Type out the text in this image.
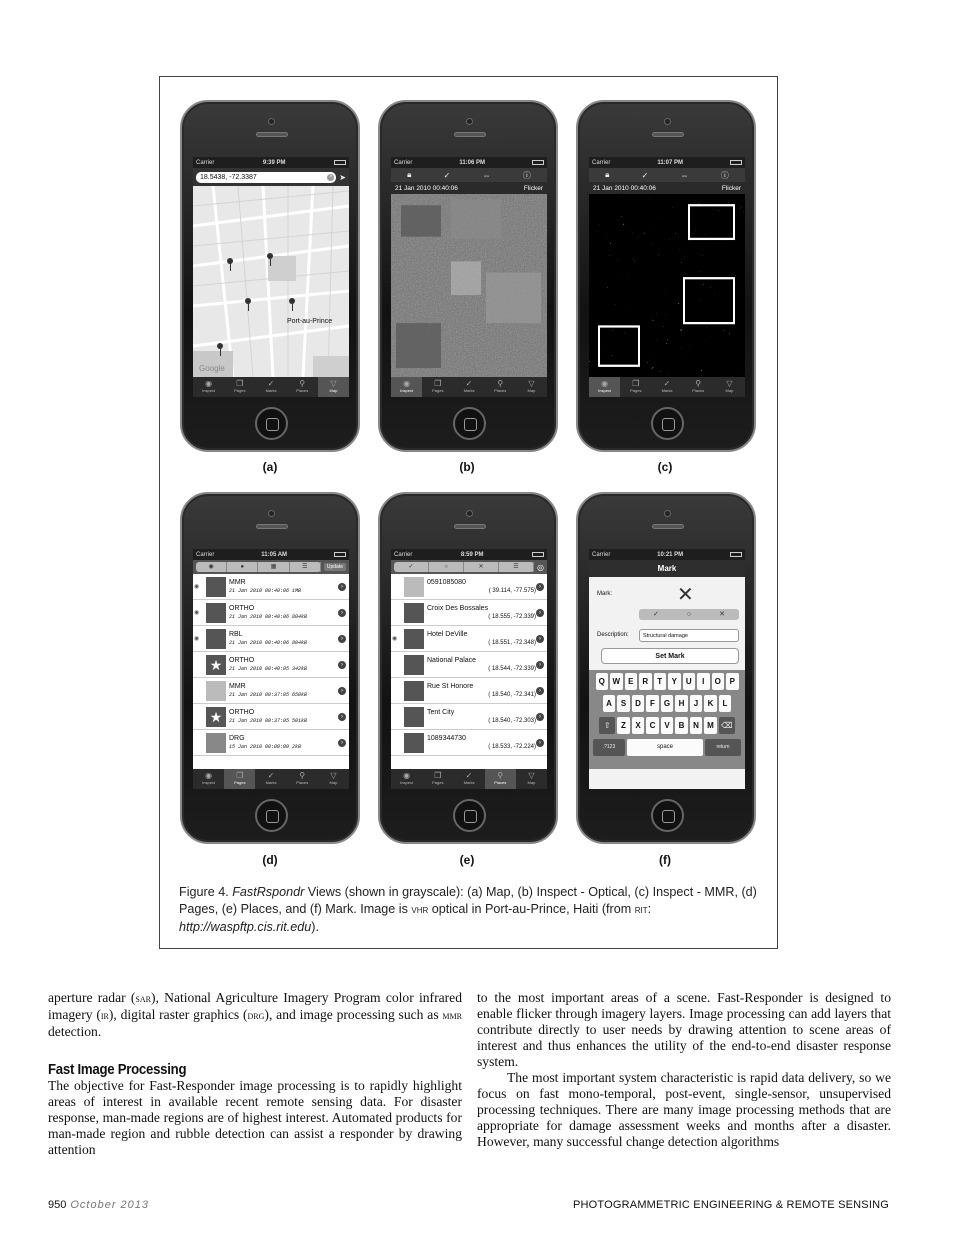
Carrier	9:39 PM
18.5438, -72.3387	× ➤
Port-au-Prince
Google
◉
Inspect
❐
Pages
✓
Marks
⚲
Places
▽
Map
(a)
Carrier	11:06 PM
🔒︎	✓	⇔	ⓘ
21 Jan 2010 00:40:06	Flicker
◉
Inspect
❐
Pages
✓
Marks
⚲
Places
▽
Map
(b)
Carrier	11:07 PM
🔒︎	✓	⇔	ⓘ
21 Jan 2010 00:40:06	Flicker
◉
Inspect
❐
Pages
✓
Marks
⚲
Places
▽
Map
(c)
Carrier	11:05 AM
◉	●	▦	☰	Update
◉
MMR
21 Jan 2010 00:40:06 1MB
›
◉
ORTHO
21 Jan 2010 00:40:06 804kB
›
◉
RBL
21 Jan 2010 00:40:06 804kB
›
★ ORTHO
21 Jan 2010 00:40:05 342kB
›
MMR
21 Jan 2010 00:37:05 650kB
›
★ ORTHO
21 Jan 2010 00:37:05 501kB
›
DRG
15 Jan 2010 00:00:00 2kB
›
◉
Inspect
❐
Pages
✓
Marks
⚲
Places
▽
Map
(d)
Carrier	8:59 PM
✓	○	✕	☰	◎
0591085080
( 39.114, -77.575)
›
Croix Des Bossales
( 18.555, -72.339)
›
◉
Hotel DeVille
( 18.551, -72.348)
›
National Palace
( 18.544, -72.339)
›
Rue St Honore
( 18.540, -72.341)
›
Tent City
( 18.540, -72.303)
›
1089344730
( 18.533, -72.224)
›
◉
Inspect
❐
Pages
✓
Marks
⚲
Places
▽
Map
(e)
Carrier	10:21 PM
Mark
Mark:	✕
✓	○	✕
Description:	Structural damage
Set Mark
Q W	E	R	T	Y	U	I	O	P
A	S	D	F	G	H	J	K	L
⇧	Z	X	C	V	B	N	M ⌫
.?123	space	return
(f)
Figure 4. FastRspondr Views (shown in grayscale): (a) Map, (b) Inspect - Optical, (c) Inspect - MMR, (d) Pages, (e) Places, and (f) Mark. Image is vhr optical in Port-au-Prince, Haiti (from rit: http://waspftp.cis.rit.edu).

aperture radar (sar), National Agriculture Imagery Program color infrared imagery (ir), digital raster graphics (drg), and image processing such as mmr detection.

Fast Image Processing

The objective for Fast-Responder image processing is to rapidly highlight areas of interest in available recent remote sensing data. For disaster response, man-made regions are of highest interest. Automated products for man-made region and rubble detection can assist a responder by drawing attention

to the most important areas of a scene. Fast-Responder is designed to enable flicker through imagery layers. Image processing can add layers that contribute directly to user needs by drawing attention to scene areas of interest and thus enhances the utility of the end-to-end disaster response system.

The most important system characteristic is rapid data delivery, so we focus on fast mono-temporal, post-event, single-sensor, unsupervised processing techniques. There are many image processing methods that are appropriate for damage assessment weeks and months after a disaster. However, many successful change detection algorithms

950 October 2013	PHOTOGRAMMETRIC ENGINEERING & REMOTE SENSING
